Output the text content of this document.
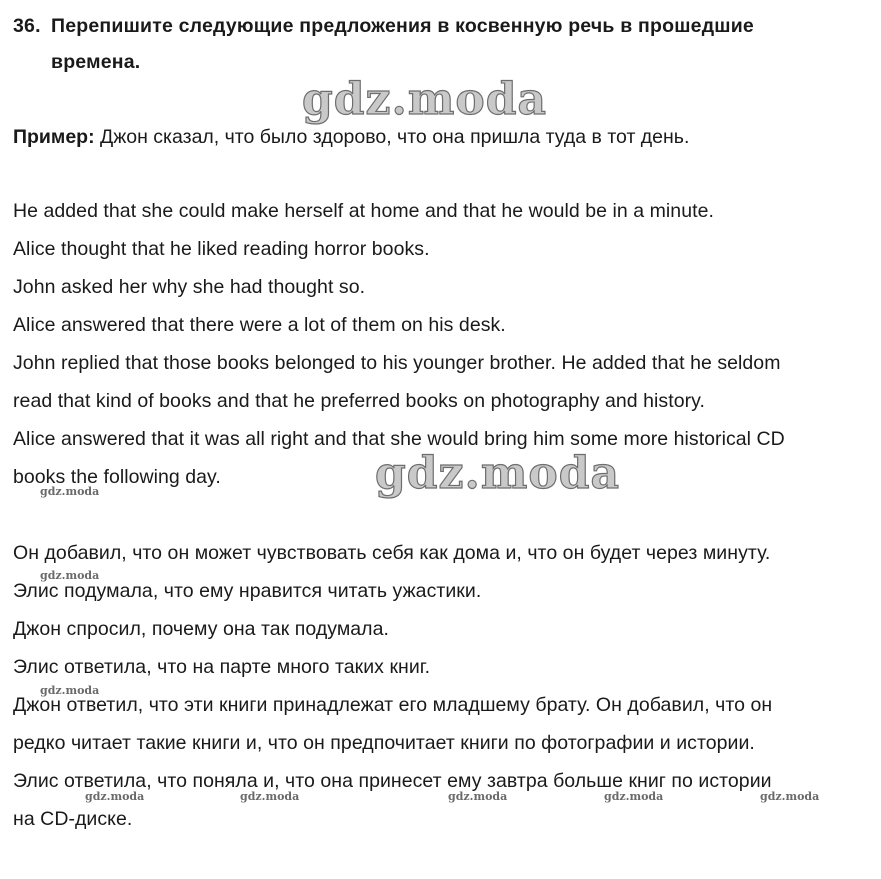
36. Перепишите следующие предложения в косвенную речь в прошедшие
времена.
gdz.moda
Пример: Джон сказал, что было здорово, что она пришла туда в тот день.
He added that she could make herself at home and that he would be in a minute.
Alice thought that he liked reading horror books.
John asked her why she had thought so.
Alice answered that there were a lot of them on his desk.
John replied that those books belonged to his younger brother. He added that he seldom
read that kind of books and that he preferred books on photography and history.
Alice answered that it was all right and that she would bring him some more historical CD
books the following day.	gdz.moda
gdz.moda
Он добавил, что он может чувствовать себя как дома и, что он будет через минуту.
gdz.moda
Элис подумала, что ему нравится читать ужастики.
Джон спросил, почему она так подумала.
Элис ответила, что на парте много таких книг.
gdz.moda
Джон ответил, что эти книги принадлежат его младшему брату. Он добавил, что он
редко читает такие книги и, что он предпочитает книги по фотографии и истории.
Элис ответила, что поняла и, что она принесет ему завтра больше книг по истории
gdz.moda	gdz.moda	gdz.moda	gdz.moda	gdz.moda
на CD-диске.
